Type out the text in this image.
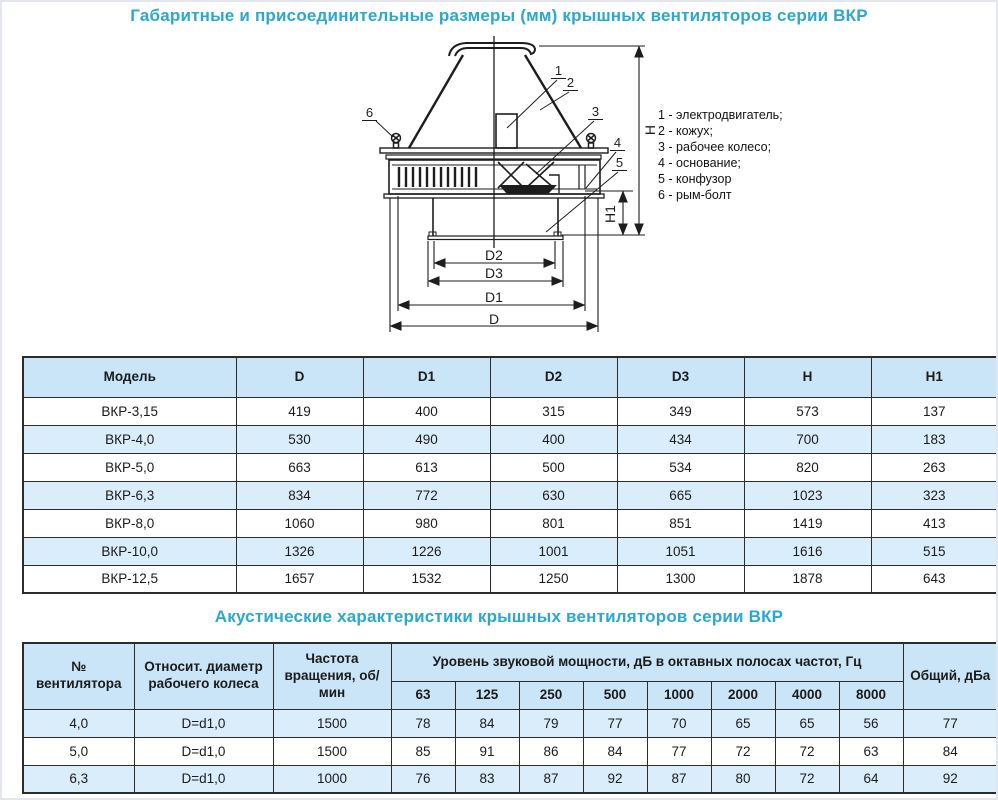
Габаритные и присоединительные размеры (мм) крышных вентиляторов серии ВКР
1
2
3
4
5
6
D2
D3
D1
D
H
H1
1 - электродвигатель;
2 - кожух;
3 - рабочее колесо;
4 - основание;
5 - конфузор
6 - рым-болт
Модель	D	D1	D2	D3	H	H1
ВКР-3,15	419	400	315	349	573	137
ВКР-4,0	530	490	400	434	700	183
ВКР-5,0	663	613	500	534	820	263
ВКР-6,3	834	772	630	665	1023	323
ВКР-8,0	1060	980	801	851	1419	413
ВКР-10,0	1326	1226	1001	1051	1616	515
ВКР-12,5	1657	1532	1250	1300	1878	643
Акустические характеристики крышных вентиляторов серии ВКР
№ вентилятора	Относит. диаметр рабочего колеса	Частота вращения, об/мин	Уровень звуковой мощности, дБ в октавных полосах частот, Гц								Общий, дБа
			63	125	250	500	1000	2000	4000	8000	
4,0	D=d1,0	1500	78	84	79	77	70	65	65	56	77
5,0	D=d1,0	1500	85	91	86	84	77	72	72	63	84
6,3	D=d1,0	1000	76	83	87	92	87	80	72	64	92
